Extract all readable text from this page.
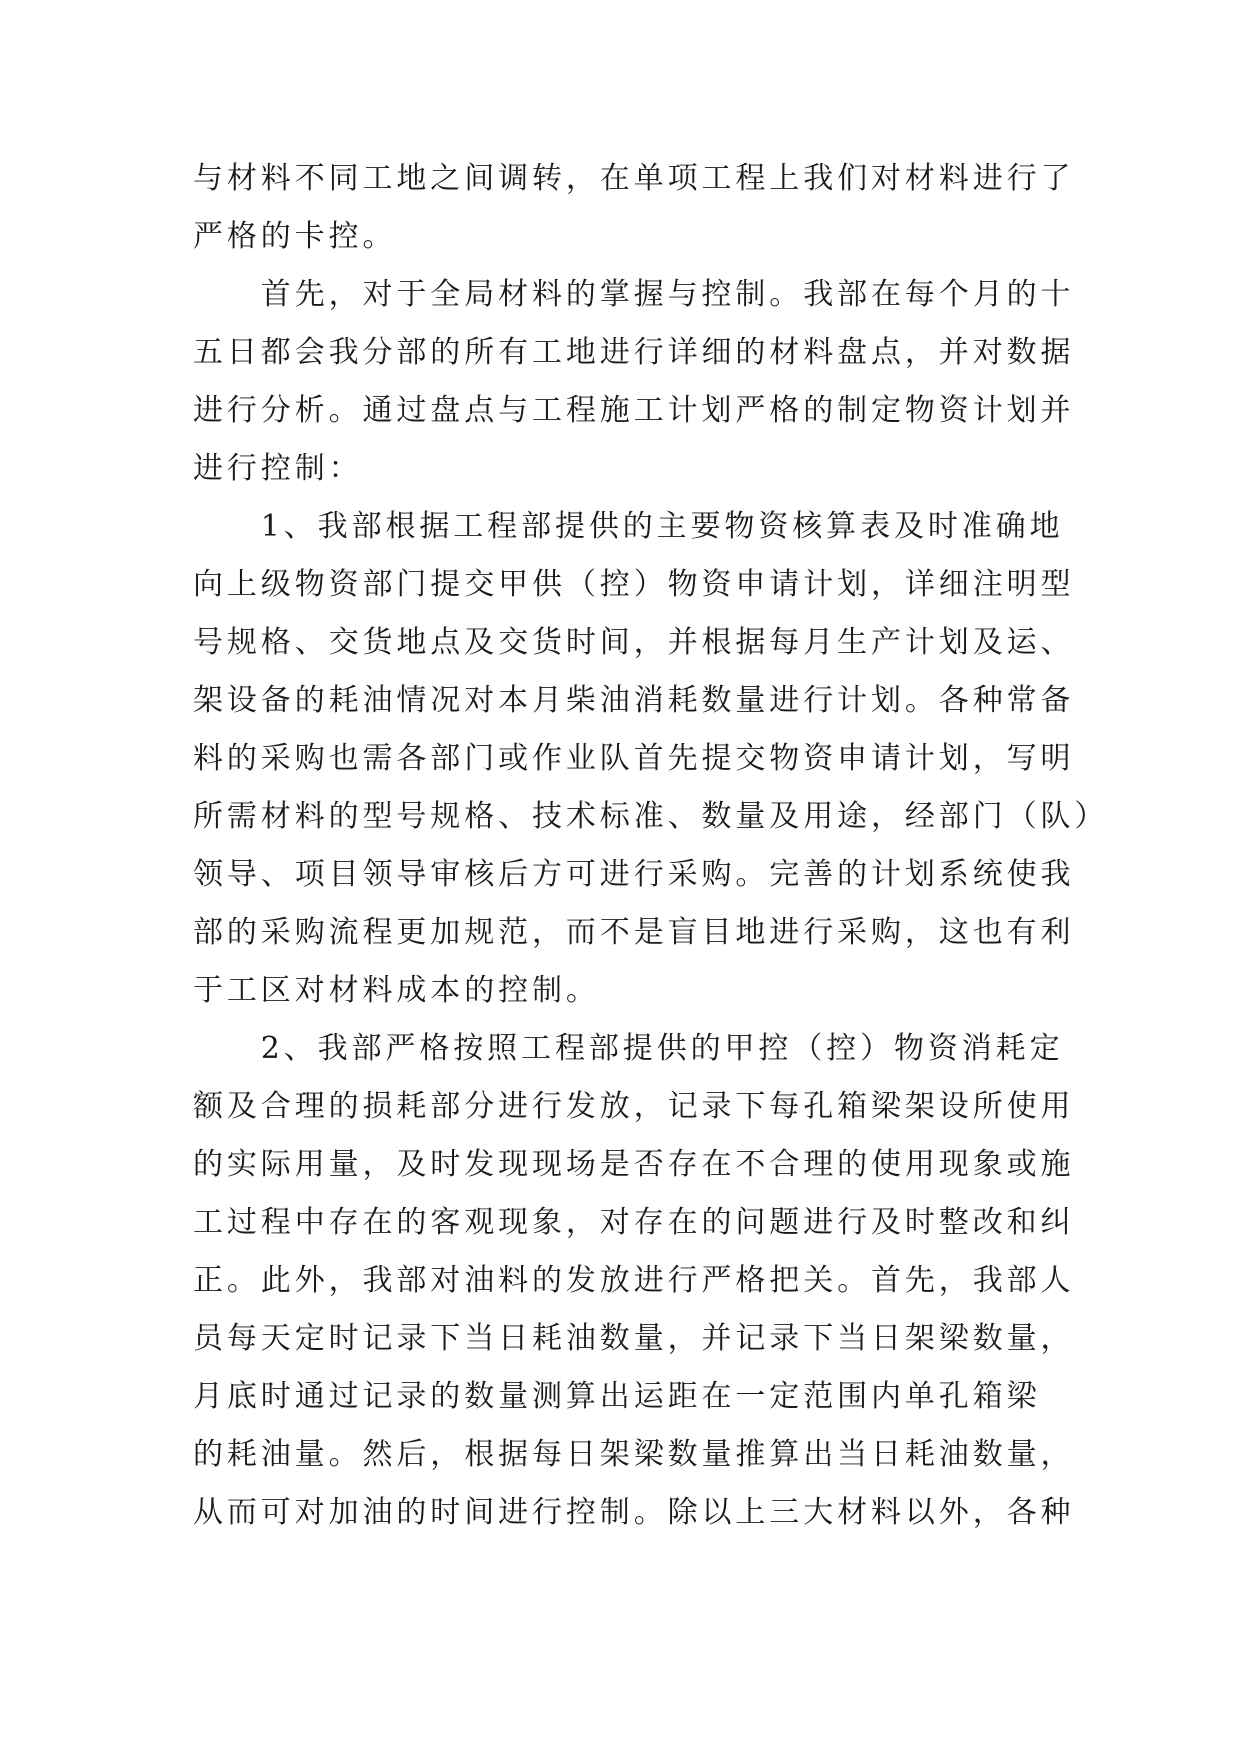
与材料不同工地之间调转，在单项工程上我们对材料进行了
严格的卡控。
　　首先，对于全局材料的掌握与控制。我部在每个月的十
五日都会我分部的所有工地进行详细的材料盘点，并对数据
进行分析。通过盘点与工程施工计划严格的制定物资计划并
进行控制：
　　1、我部根据工程部提供的主要物资核算表及时准确地
向上级物资部门提交甲供（控）物资申请计划，详细注明型
号规格、交货地点及交货时间，并根据每月生产计划及运、
架设备的耗油情况对本月柴油消耗数量进行计划。各种常备
料的采购也需各部门或作业队首先提交物资申请计划，写明
所需材料的型号规格、技术标准、数量及用途，经部门（队）
领导、项目领导审核后方可进行采购。完善的计划系统使我
部的采购流程更加规范，而不是盲目地进行采购，这也有利
于工区对材料成本的控制。
　　2、我部严格按照工程部提供的甲控（控）物资消耗定
额及合理的损耗部分进行发放，记录下每孔箱梁架设所使用
的实际用量，及时发现现场是否存在不合理的使用现象或施
工过程中存在的客观现象，对存在的问题进行及时整改和纠
正。此外，我部对油料的发放进行严格把关。首先，我部人
员每天定时记录下当日耗油数量，并记录下当日架梁数量，
月底时通过记录的数量测算出运距在一定范围内单孔箱梁
的耗油量。然后，根据每日架梁数量推算出当日耗油数量，
从而可对加油的时间进行控制。除以上三大材料以外，各种
